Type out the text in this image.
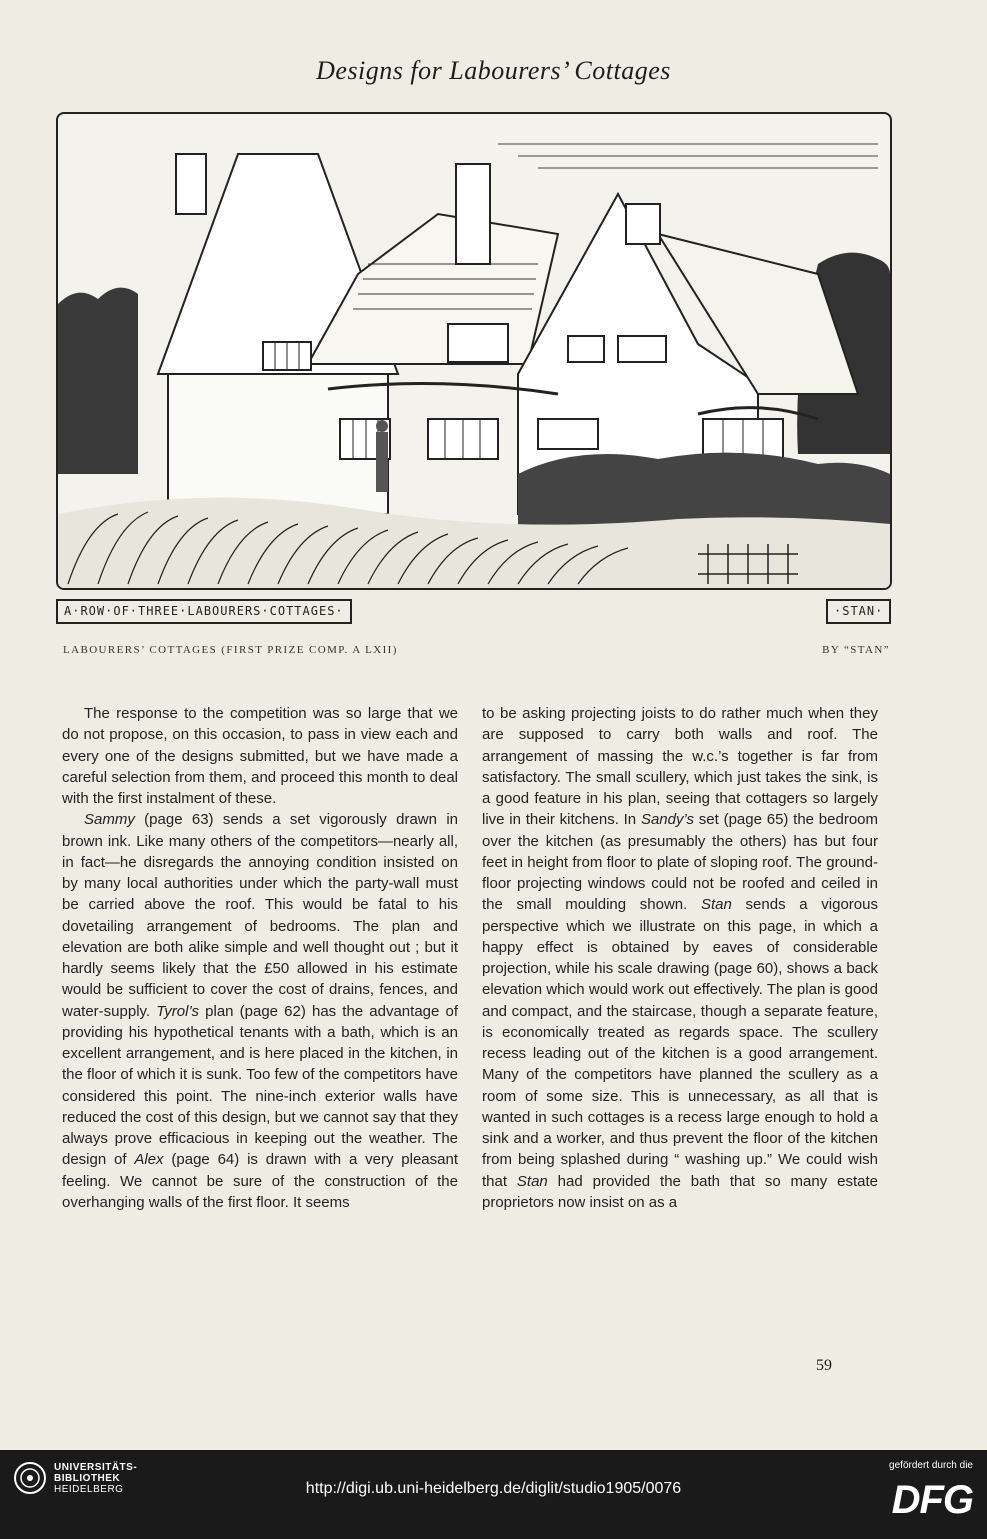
Designs for Labourers’ Cottages
A·ROW·OF·THREE·LABOURERS·COTTAGES·	·STAN·
LABOURERS’ COTTAGES (FIRST PRIZE COMP. A LXII)	BY “STAN”

The response to the competition was so large that we do not propose, on this occasion, to pass in view each and every one of the designs submitted, but we have made a careful selection from them, and proceed this month to deal with the first instalment of these.

Sammy (page 63) sends a set vigorously drawn in brown ink. Like many others of the competitors—nearly all, in fact—he disregards the annoying condition insisted on by many local authorities under which the party-wall must be carried above the roof. This would be fatal to his dovetailing arrangement of bedrooms. The plan and elevation are both alike simple and well thought out ; but it hardly seems likely that the £50 allowed in his estimate would be sufficient to cover the cost of drains, fences, and water-supply. Tyrol’s plan (page 62) has the advantage of providing his hypothetical tenants with a bath, which is an excellent arrangement, and is here placed in the kitchen, in the floor of which it is sunk. Too few of the competitors have considered this point. The nine-inch exterior walls have reduced the cost of this design, but we cannot say that they always prove efficacious in keeping out the weather. The design of Alex (page 64) is drawn with a very pleasant feeling. We cannot be sure of the construction of the overhanging walls of the first floor. It seems

to be asking projecting joists to do rather much when they are supposed to carry both walls and roof. The arrangement of massing the w.c.’s together is far from satisfactory. The small scullery, which just takes the sink, is a good feature in his plan, seeing that cottagers so largely live in their kitchens. In Sandy’s set (page 65) the bedroom over the kitchen (as presumably the others) has but four feet in height from floor to plate of sloping roof. The ground-floor projecting windows could not be roofed and ceiled in the small moulding shown. Stan sends a vigorous perspective which we illustrate on this page, in which a happy effect is obtained by eaves of considerable projection, while his scale drawing (page 60), shows a back elevation which would work out effectively. The plan is good and compact, and the staircase, though a separate feature, is economically treated as regards space. The scullery recess leading out of the kitchen is a good arrangement. Many of the competitors have planned the scullery as a room of some size. This is unnecessary, as all that is wanted in such cottages is a recess large enough to hold a sink and a worker, and thus prevent the floor of the kitchen from being splashed during “ washing up.” We could wish that Stan had provided the bath that so many estate proprietors now insist on as a

59
UNIVERSITÄTS-
BIBLIOTHEK
HEIDELBERG	http://digi.ub.uni-heidelberg.de/diglit/studio1905/0076
gefördert durch die
DFG
